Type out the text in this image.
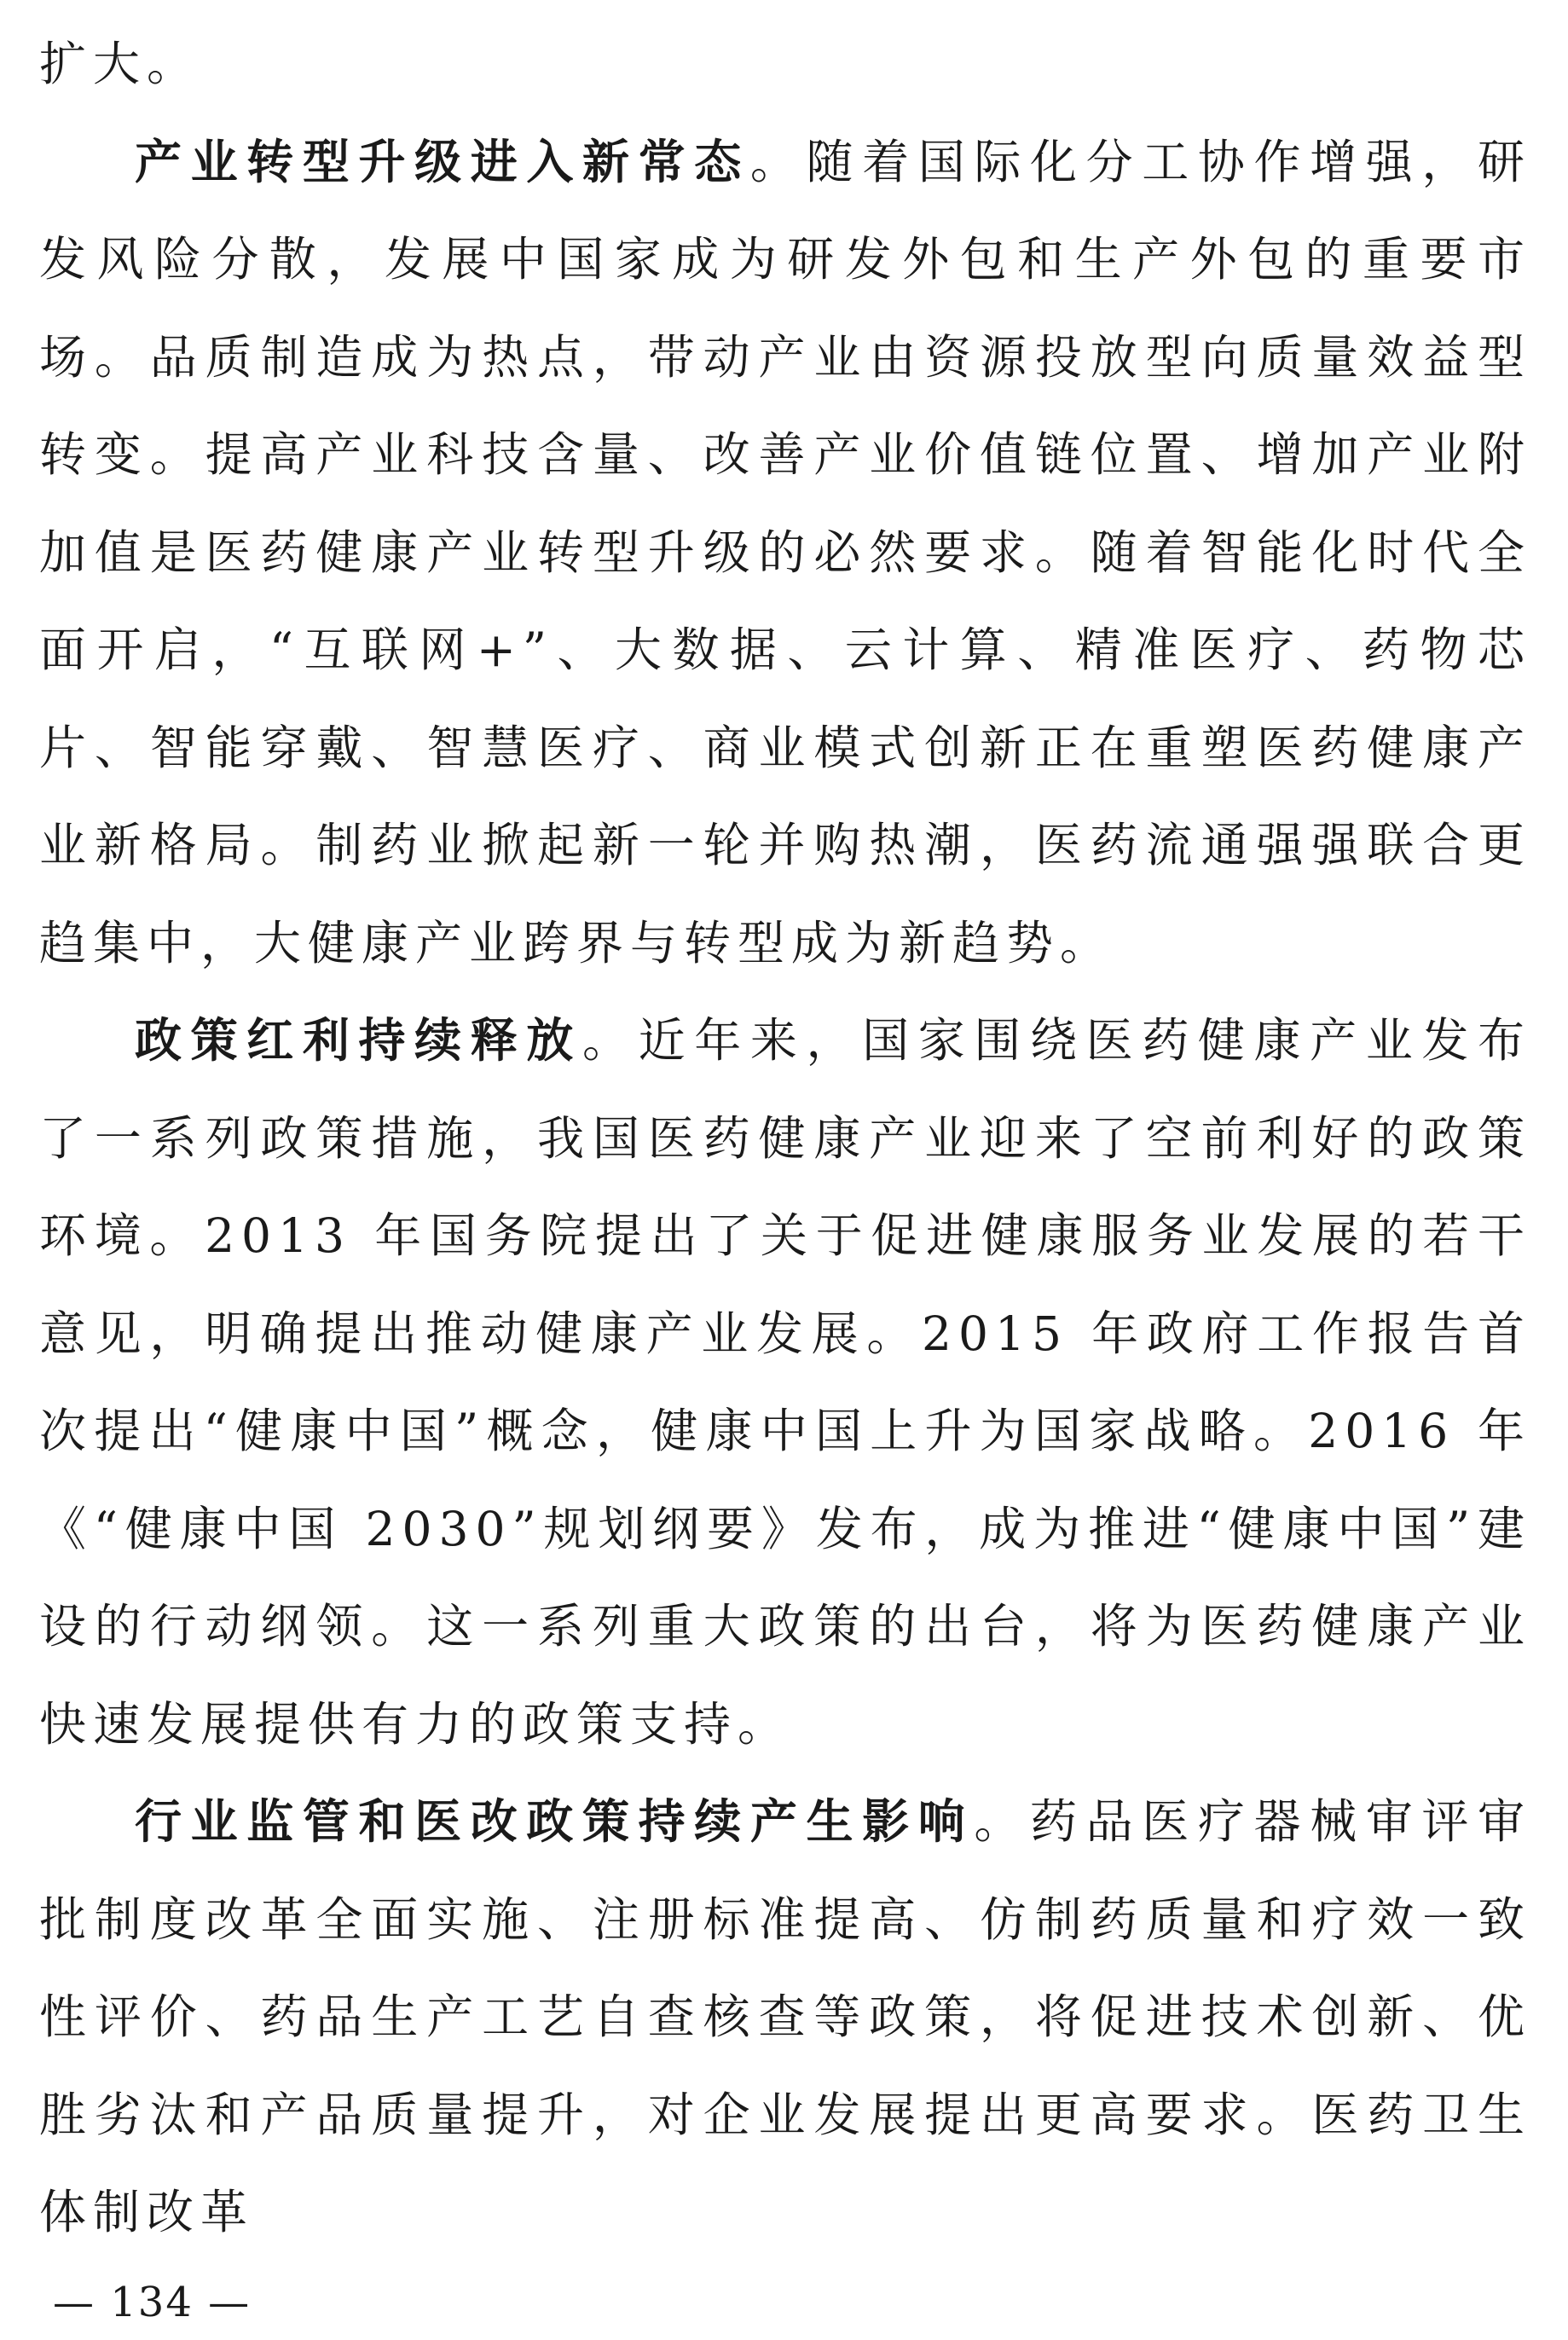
扩大。

产业转型升级进入新常态。随着国际化分工协作增强，研发风险分散，发展中国家成为研发外包和生产外包的重要市场。品质制造成为热点，带动产业由资源投放型向质量效益型转变。提高产业科技含量、改善产业价值链位置、增加产业附加值是医药健康产业转型升级的必然要求。随着智能化时代全面开启，“互联网+”、大数据、云计算、精准医疗、药物芯片、智能穿戴、智慧医疗、商业模式创新正在重塑医药健康产业新格局。制药业掀起新一轮并购热潮，医药流通强强联合更趋集中，大健康产业跨界与转型成为新趋势。

政策红利持续释放。近年来，国家围绕医药健康产业发布了一系列政策措施，我国医药健康产业迎来了空前利好的政策环境。2013 年国务院提出了关于促进健康服务业发展的若干意见，明确提出推动健康产业发展。2015 年政府工作报告首次提出“健康中国”概念，健康中国上升为国家战略。2016 年《“健康中国 2030”规划纲要》发布，成为推进“健康中国”建设的行动纲领。这一系列重大政策的出台，将为医药健康产业快速发展提供有力的政策支持。

行业监管和医改政策持续产生影响。药品医疗器械审评审批制度改革全面实施、注册标准提高、仿制药质量和疗效一致性评价、药品生产工艺自查核查等政策，将促进技术创新、优胜劣汰和产品质量提升，对企业发展提出更高要求。医药卫生体制改革

— 134 —
